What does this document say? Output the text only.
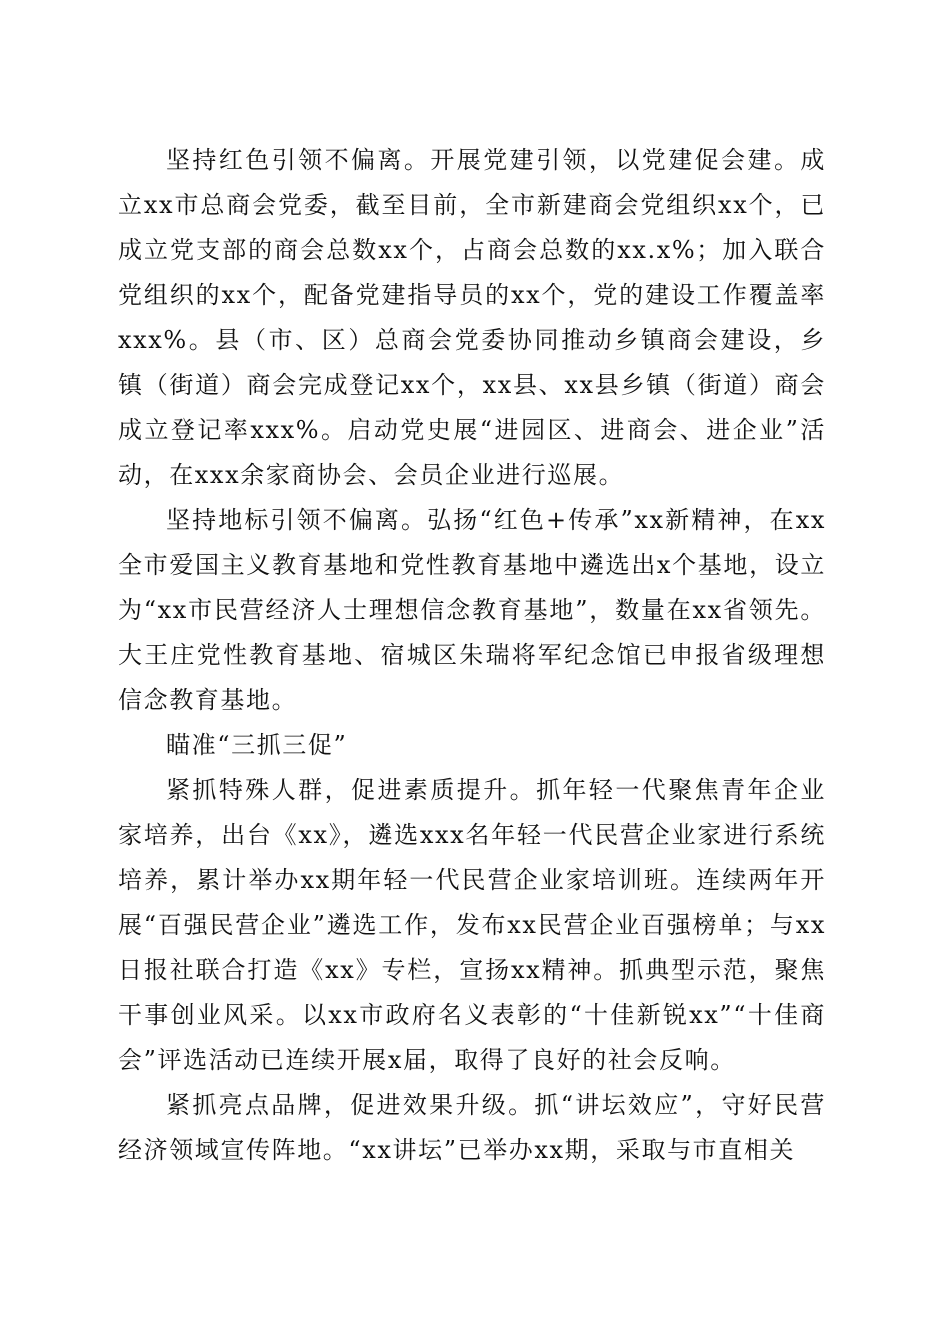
坚持红色引领不偏离。开展党建引领，以党建促会建。成立xx市总商会党委，截至目前，全市新建商会党组织xx个，已成立党支部的商会总数xx个，占商会总数的xx.x%；加入联合党组织的xx个，配备党建指导员的xx个，党的建设工作覆盖率xxx%。县（市、区）总商会党委协同推动乡镇商会建设，乡镇（街道）商会完成登记xx个，xx县、xx县乡镇（街道）商会成立登记率xxx%。启动党史展“进园区、进商会、进企业”活动，在xxx余家商协会、会员企业进行巡展。

坚持地标引领不偏离。弘扬“红色+传承”xx新精神，在xx全市爱国主义教育基地和党性教育基地中遴选出x个基地，设立为“xx市民营经济人士理想信念教育基地”，数量在xx省领先。大王庄党性教育基地、宿城区朱瑞将军纪念馆已申报省级理想信念教育基地。

瞄准“三抓三促”

紧抓特殊人群，促进素质提升。抓年轻一代聚焦青年企业家培养，出台《xx》，遴选xxx名年轻一代民营企业家进行系统培养，累计举办xx期年轻一代民营企业家培训班。连续两年开展“百强民营企业”遴选工作，发布xx民营企业百强榜单；与xx日报社联合打造《xx》专栏，宣扬xx精神。抓典型示范，聚焦干事创业风采。以xx市政府名义表彰的“十佳新锐xx”“十佳商会”评选活动已连续开展x届，取得了良好的社会反响。

紧抓亮点品牌，促进效果升级。抓“讲坛效应”，守好民营经济领域宣传阵地。“xx讲坛”已举办xx期，采取与市直相关
